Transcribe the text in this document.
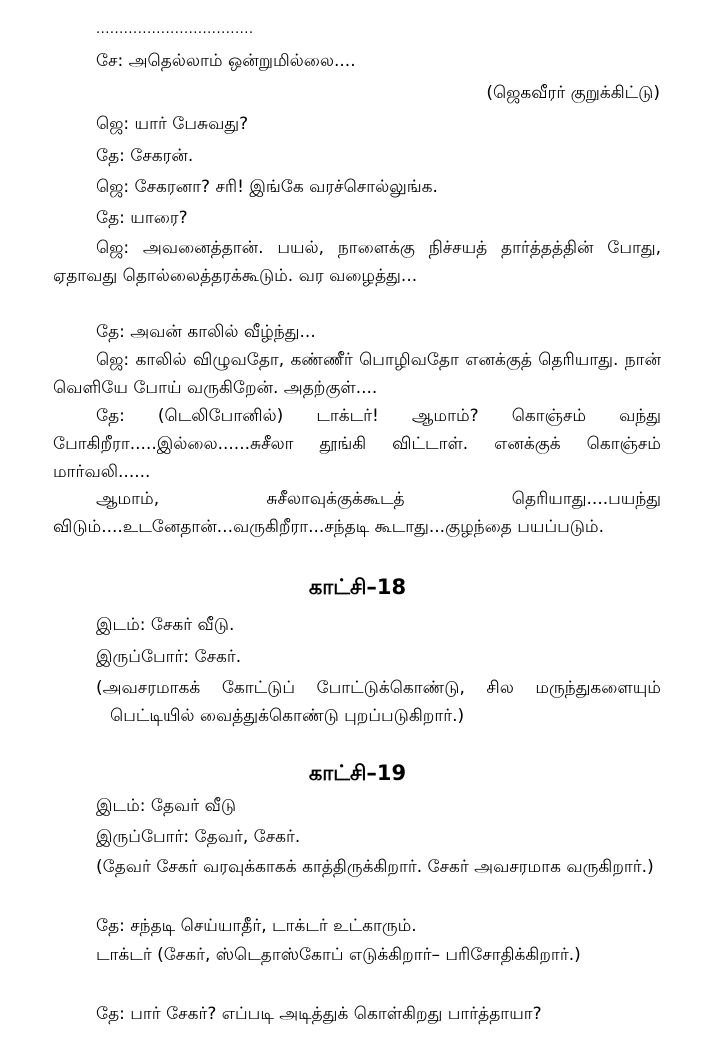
..................................
சே: அதெல்லாம் ஒன்றுமில்லை....
(ஜெகவீரர் குறுக்கிட்டு)
ஜெ: யார் பேசுவது?
தே: சேகரன்.
ஜெ: சேகரனா? சரி! இங்கே வரச்சொல்லுங்க.
தே: யாரை?
ஜெ: அவனைத்தான். பயல், நாளைக்கு நிச்சயத் தார்த்தத்தின் போது, ஏதாவது தொல்லைத்தரக்கூடும். வர வழைத்து...
தே: அவன் காலில் வீழ்ந்து...
ஜெ: காலில் விழுவதோ, கண்ணீர் பொழிவதோ எனக்குத் தெரியாது. நான் வெளியே போய் வருகிறேன். அதற்குள்....
தே: (டெலிபோனில்) டாக்டர்! ஆமாம்? கொஞ்சம் வந்து போகிறீரா.....இல்லை......சுசீலா தூங்கி விட்டாள். எனக்குக் கொஞ்சம் மார்வலி......
ஆமாம், சுசீலாவுக்குக்கூடத் தெரியாது....பயந்து விடும்....உடனேதான்...வருகிறீரா...சந்தடி கூடாது...குழந்தை பயப்படும்.
காட்சி–18
இடம்: சேகர் வீடு.
இருப்போர்: சேகர்.
(அவசரமாகக் கோட்டுப் போட்டுக்கொண்டு, சில மருந்துகளையும் பெட்டியில் வைத்துக்கொண்டு புறப்படுகிறார்.)
காட்சி–19
இடம்: தேவர் வீடு
இருப்போர்: தேவர், சேகர்.
(தேவர் சேகர் வரவுக்காகக் காத்திருக்கிறார். சேகர் அவசரமாக வருகிறார்.)
தே: சந்தடி செய்யாதீர், டாக்டர் உட்காரும்.
டாக்டர் (சேகர், ஸ்டெதாஸ்கோப் எடுக்கிறார்– பரிசோதிக்கிறார்.)
தே: பார் சேகர்? எப்படி அடித்துக் கொள்கிறது பார்த்தாயா?
